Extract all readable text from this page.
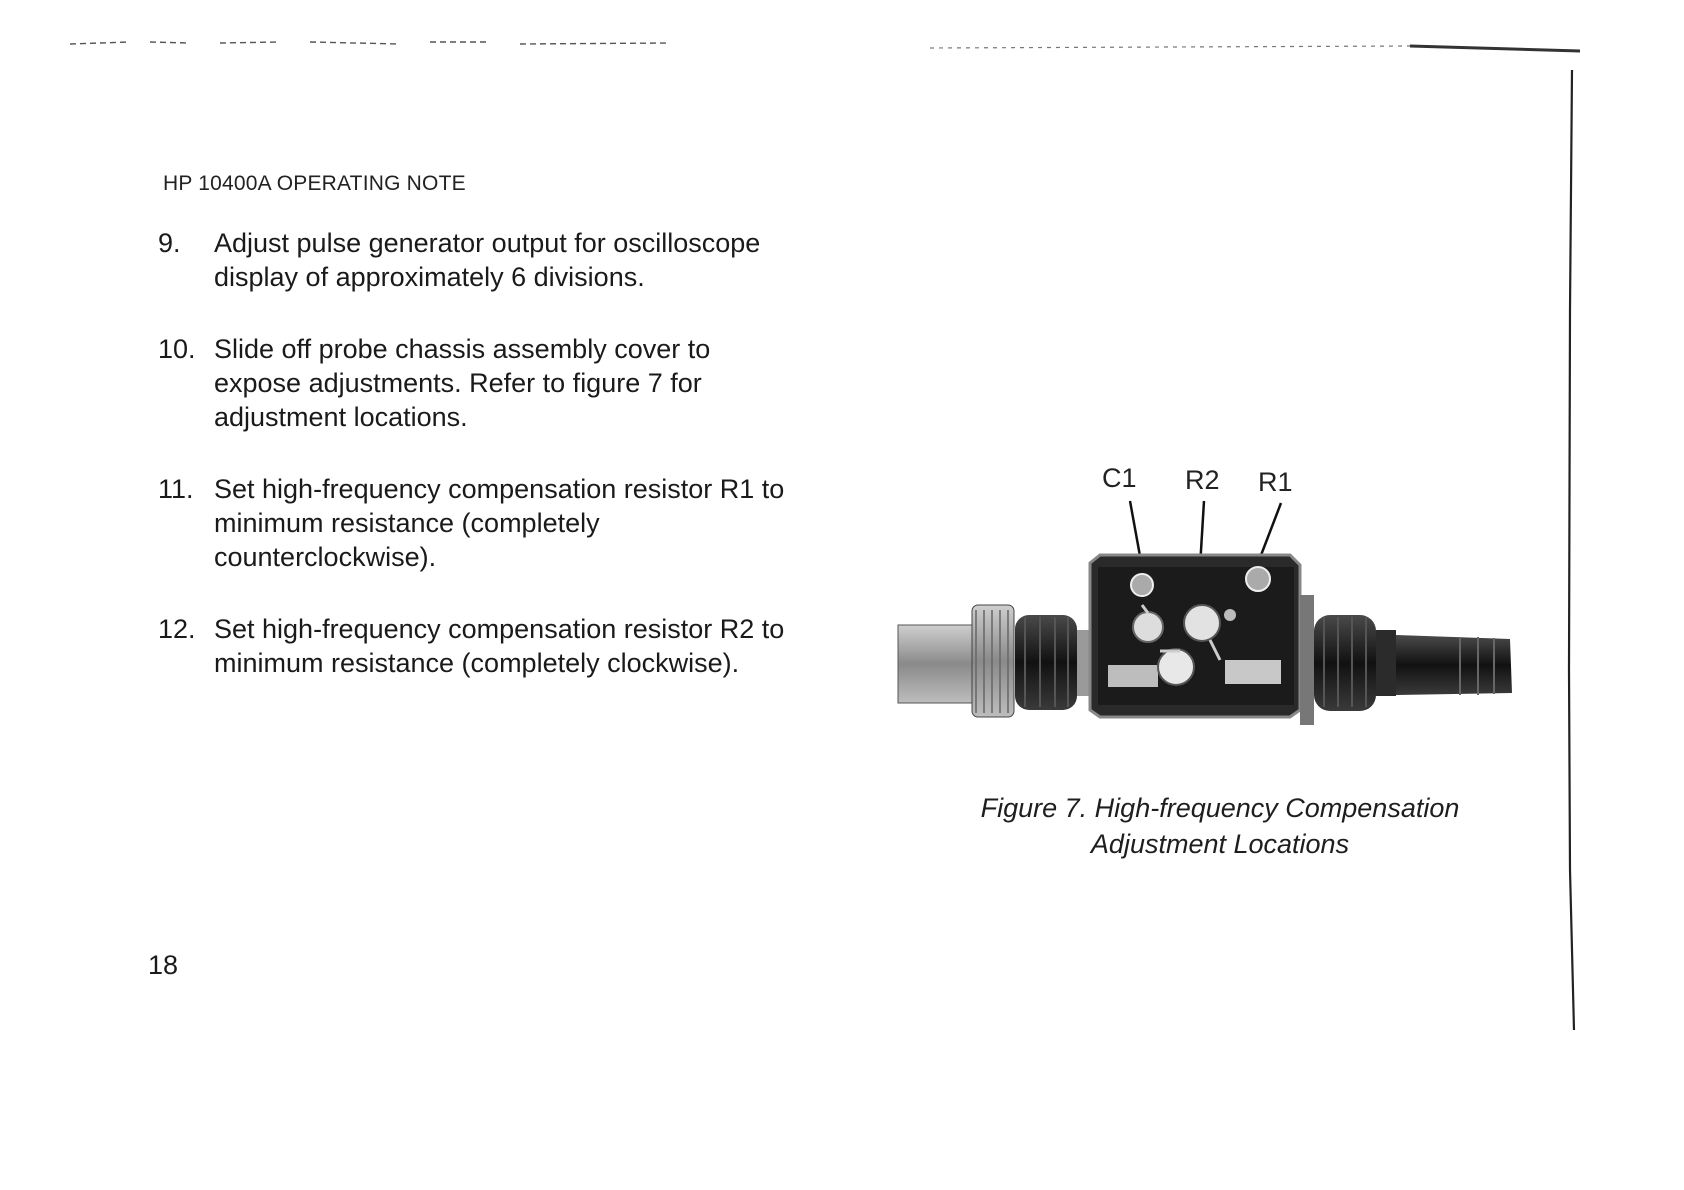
HP 10400A OPERATING NOTE
9.	Adjust pulse generator output for oscilloscope display of approximately 6 divisions.
10. Slide off probe chassis assembly cover to expose adjustments. Refer to figure 7 for adjustment locations.
11. Set high-frequency compensation resistor R1 to minimum resistance (completely counterclockwise).
12. Set high-frequency compensation resistor R2 to minimum resistance (completely clockwise).
C1 R2 R1
Figure 7. High-frequency Compensation
Adjustment Locations
18
